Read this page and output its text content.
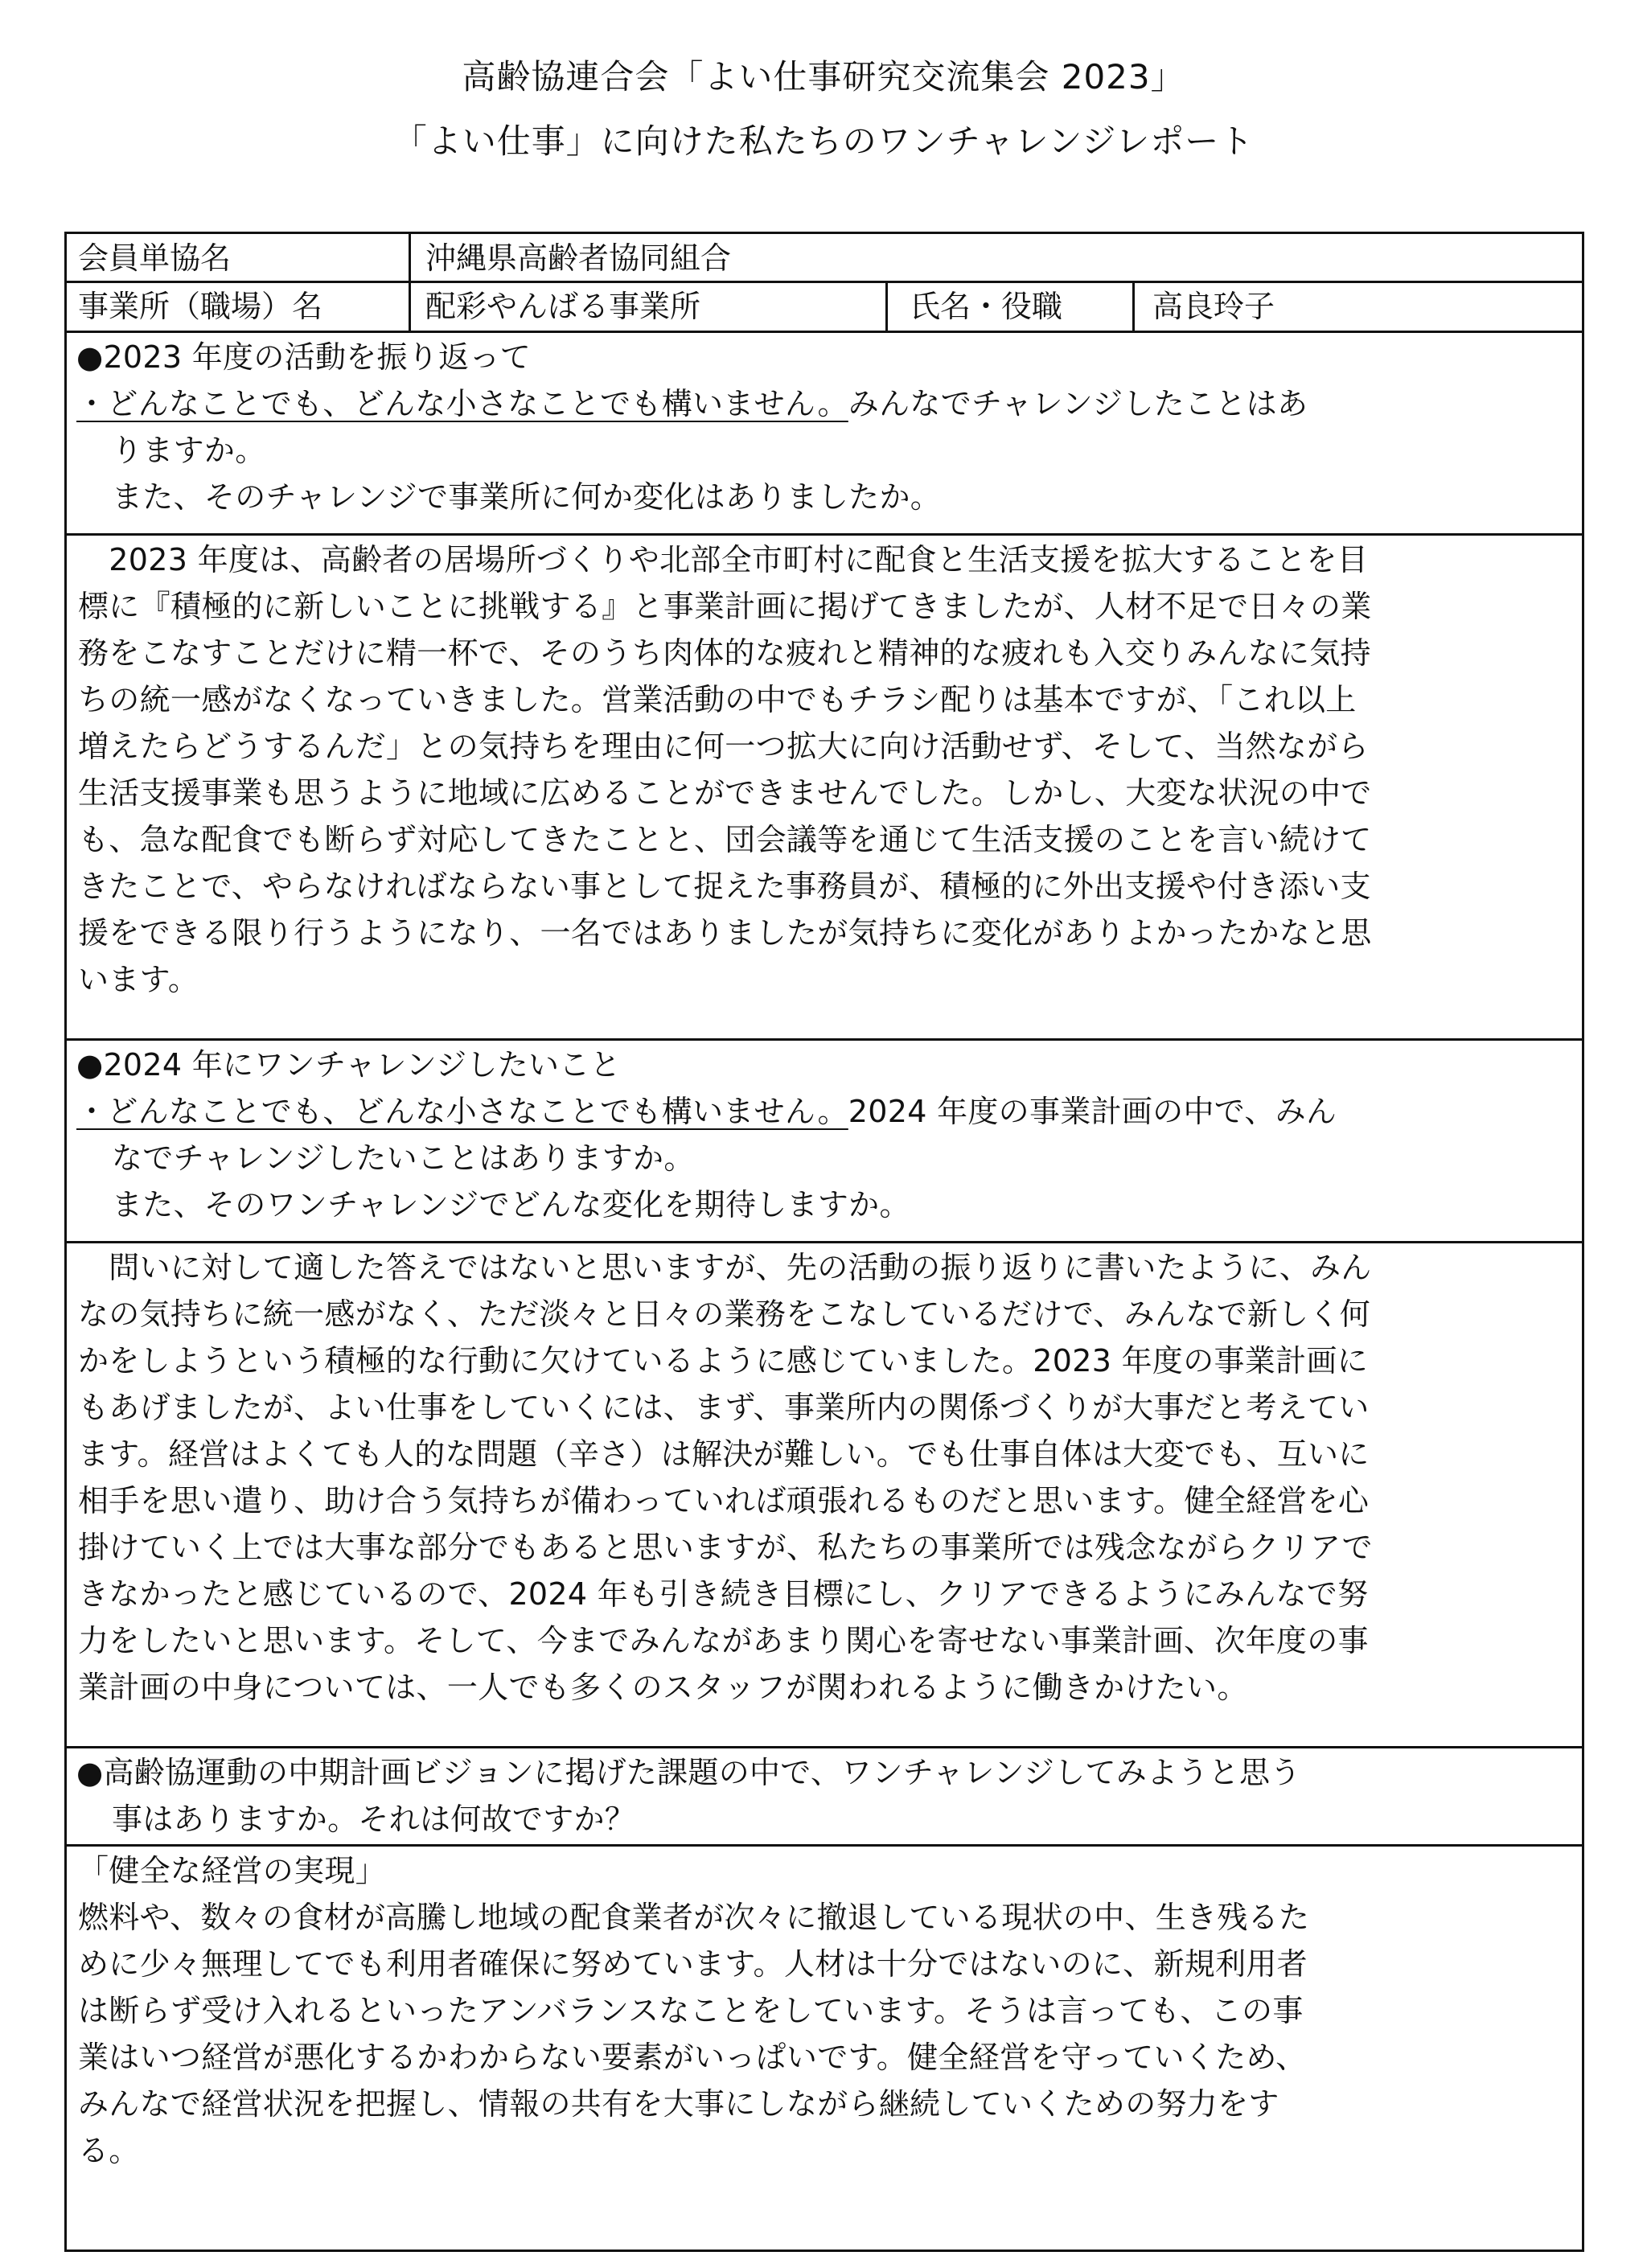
高齢協連合会「よい仕事研究交流集会 2023」
「よい仕事」に向けた私たちのワンチャレンジレポート
会員単協名	沖縄県高齢者協同組合
事業所（職場）名	配彩やんばる事業所	氏名・役職	高良玲子
●2023 年度の活動を振り返って
・どんなことでも、どんな小さなことでも構いません。みんなでチャレンジしたことはあ
りますか。
また、そのチャレンジで事業所に何か変化はありましたか。
　2023 年度は、高齢者の居場所づくりや北部全市町村に配食と生活支援を拡大することを目
標に『積極的に新しいことに挑戦する』と事業計画に掲げてきましたが、人材不足で日々の業
務をこなすことだけに精一杯で、そのうち肉体的な疲れと精神的な疲れも入交りみんなに気持
ちの統一感がなくなっていきました。営業活動の中でもチラシ配りは基本ですが、「これ以上
増えたらどうするんだ」との気持ちを理由に何一つ拡大に向け活動せず、そして、当然ながら
生活支援事業も思うように地域に広めることができませんでした。しかし、大変な状況の中で
も、急な配食でも断らず対応してきたことと、団会議等を通じて生活支援のことを言い続けて
きたことで、やらなければならない事として捉えた事務員が、積極的に外出支援や付き添い支
援をできる限り行うようになり、一名ではありましたが気持ちに変化がありよかったかなと思
います。
●2024 年にワンチャレンジしたいこと
・どんなことでも、どんな小さなことでも構いません。2024 年度の事業計画の中で、みん
なでチャレンジしたいことはありますか。
また、そのワンチャレンジでどんな変化を期待しますか。
　問いに対して適した答えではないと思いますが、先の活動の振り返りに書いたように、みん
なの気持ちに統一感がなく、ただ淡々と日々の業務をこなしているだけで、みんなで新しく何
かをしようという積極的な行動に欠けているように感じていました。2023 年度の事業計画に
もあげましたが、よい仕事をしていくには、まず、事業所内の関係づくりが大事だと考えてい
ます。経営はよくても人的な問題（辛さ）は解決が難しい。でも仕事自体は大変でも、互いに
相手を思い遣り、助け合う気持ちが備わっていれば頑張れるものだと思います。健全経営を心
掛けていく上では大事な部分でもあると思いますが、私たちの事業所では残念ながらクリアで
きなかったと感じているので、2024 年も引き続き目標にし、クリアできるようにみんなで努
力をしたいと思います。そして、今までみんながあまり関心を寄せない事業計画、次年度の事
業計画の中身については、一人でも多くのスタッフが関われるように働きかけたい。
●高齢協運動の中期計画ビジョンに掲げた課題の中で、ワンチャレンジしてみようと思う
事はありますか。それは何故ですか？
「健全な経営の実現」
燃料や、数々の食材が高騰し地域の配食業者が次々に撤退している現状の中、生き残るた
めに少々無理してでも利用者確保に努めています。人材は十分ではないのに、新規利用者
は断らず受け入れるといったアンバランスなことをしています。そうは言っても、この事
業はいつ経営が悪化するかわからない要素がいっぱいです。健全経営を守っていくため、
みんなで経営状況を把握し、情報の共有を大事にしながら継続していくための努力をす
る。
